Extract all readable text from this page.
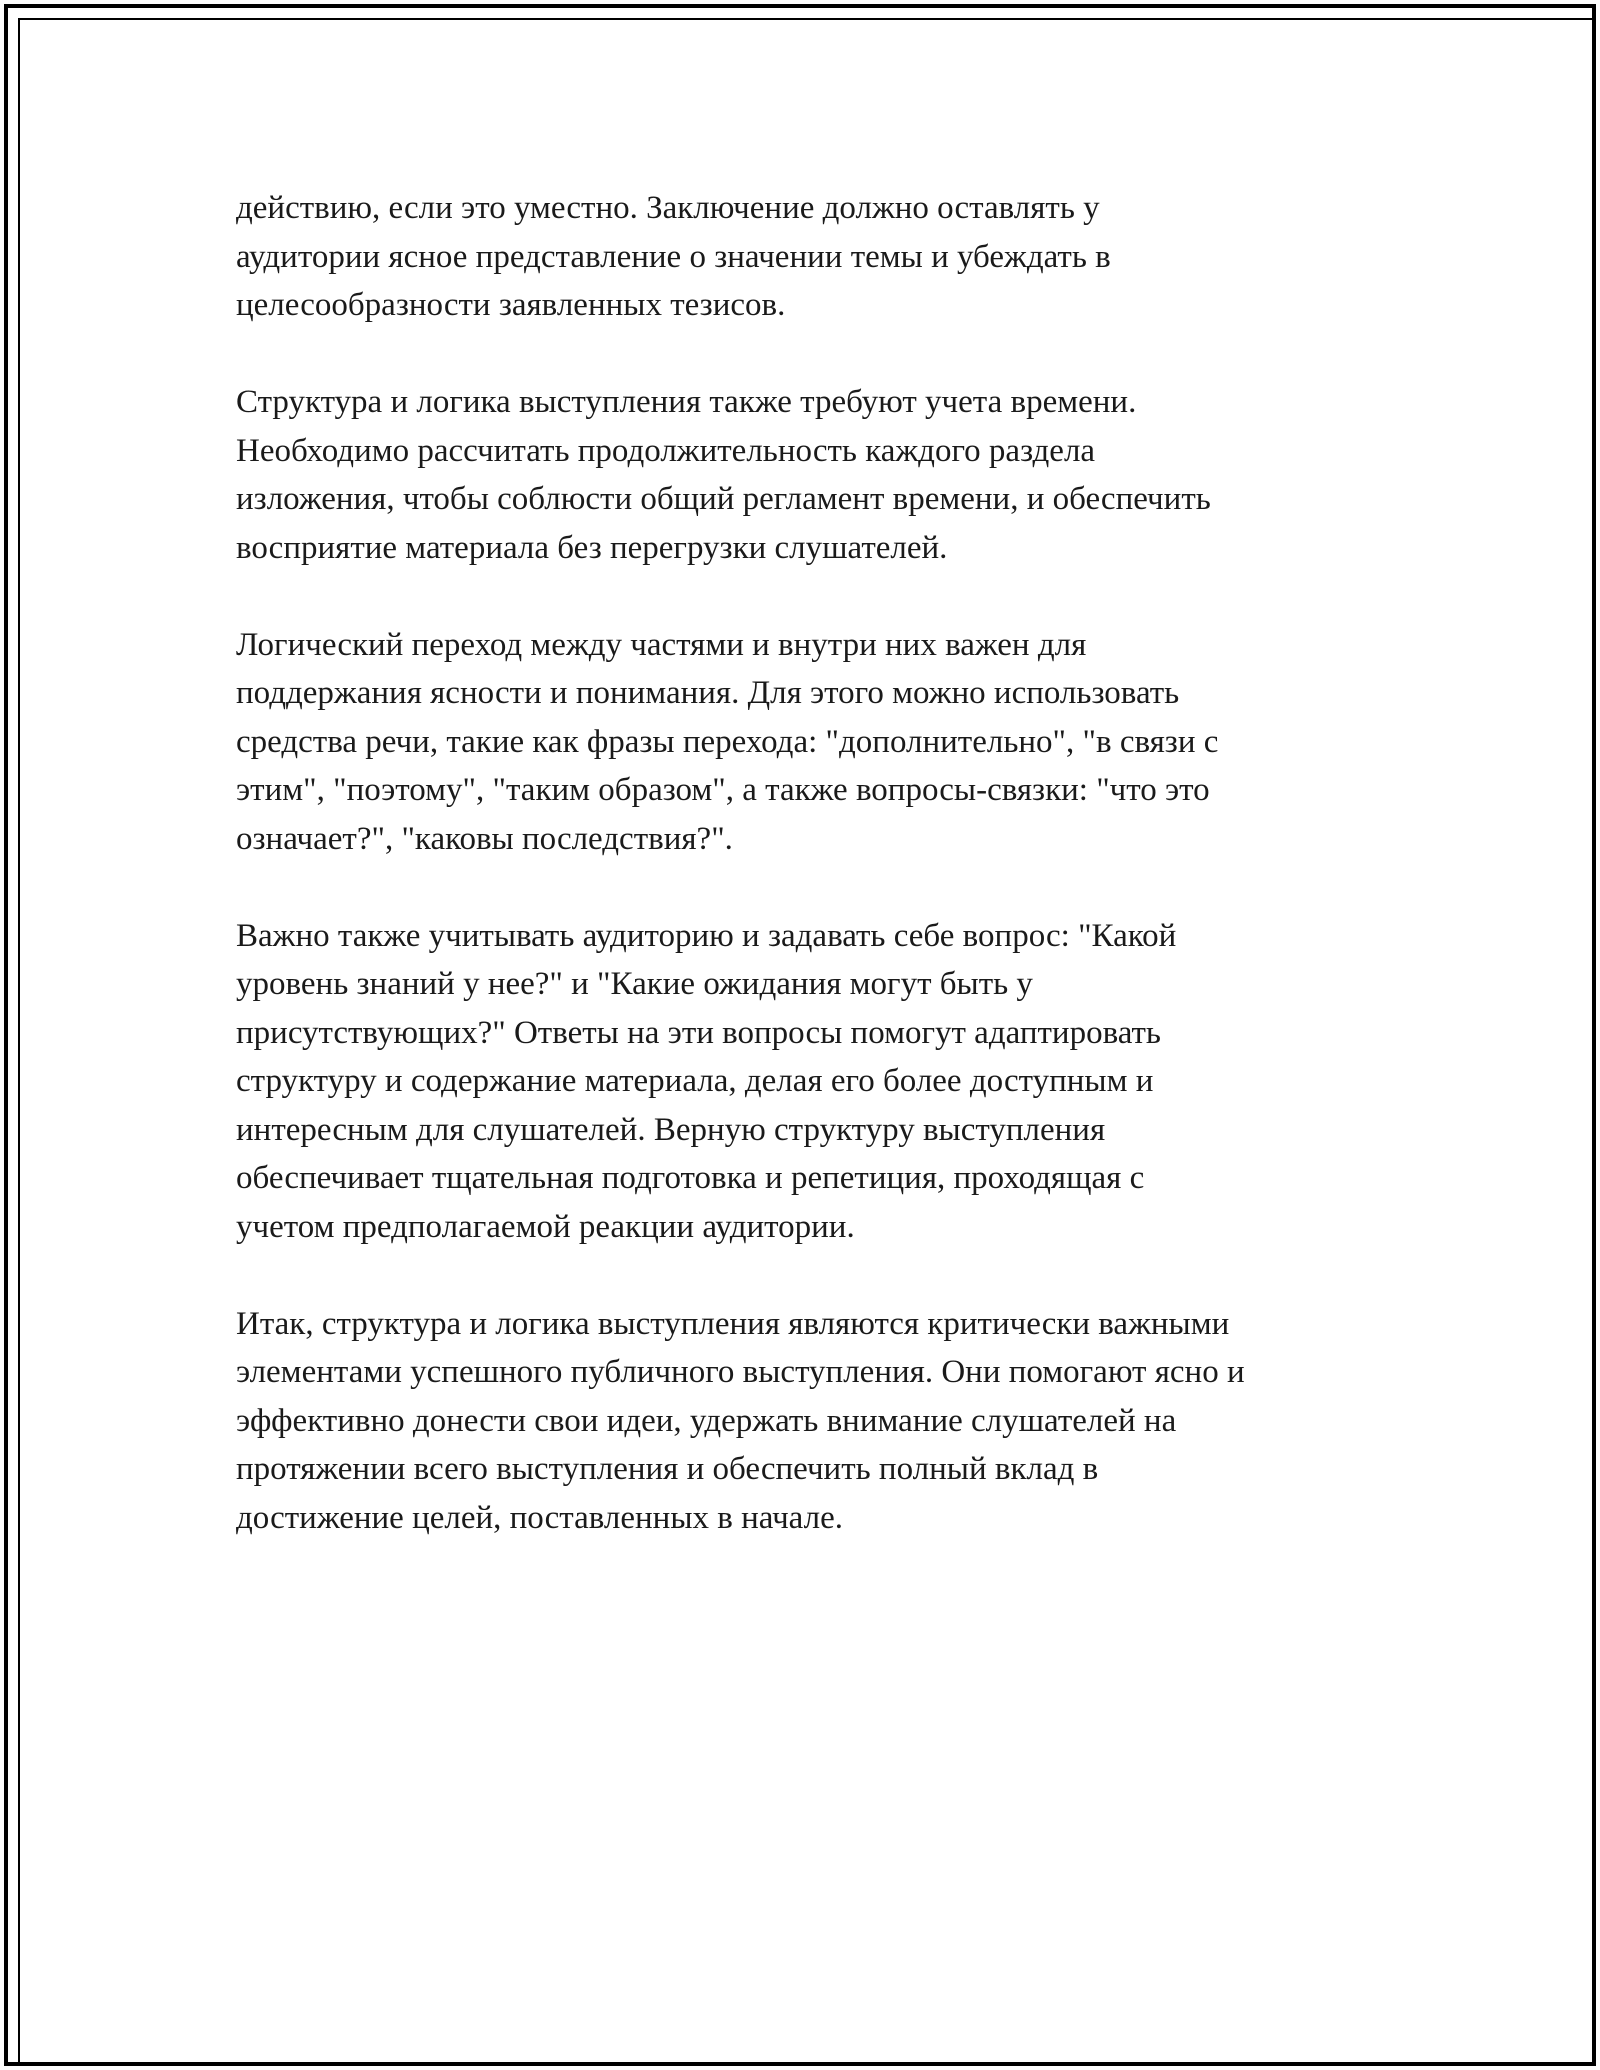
действию, если это уместно. Заключение должно оставлять у
аудитории ясное представление о значении темы и убеждать в
целесообразности заявленных тезисов.

Структура и логика выступления также требуют учета времени.
Необходимо рассчитать продолжительность каждого раздела
изложения, чтобы соблюсти общий регламент времени, и обеспечить
восприятие материала без перегрузки слушателей.

Логический переход между частями и внутри них важен для
поддержания ясности и понимания. Для этого можно использовать
средства речи, такие как фразы перехода: "дополнительно", "в связи с
этим", "поэтому", "таким образом", а также вопросы-связки: "что это
означает?", "каковы последствия?".

Важно также учитывать аудиторию и задавать себе вопрос: "Какой
уровень знаний у нее?" и "Какие ожидания могут быть у
присутствующих?" Ответы на эти вопросы помогут адаптировать
структуру и содержание материала, делая его более доступным и
интересным для слушателей. Верную структуру выступления
обеспечивает тщательная подготовка и репетиция, проходящая с
учетом предполагаемой реакции аудитории.

Итак, структура и логика выступления являются критически важными
элементами успешного публичного выступления. Они помогают ясно и
эффективно донести свои идеи, удержать внимание слушателей на
протяжении всего выступления и обеспечить полный вклад в
достижение целей, поставленных в начале.
